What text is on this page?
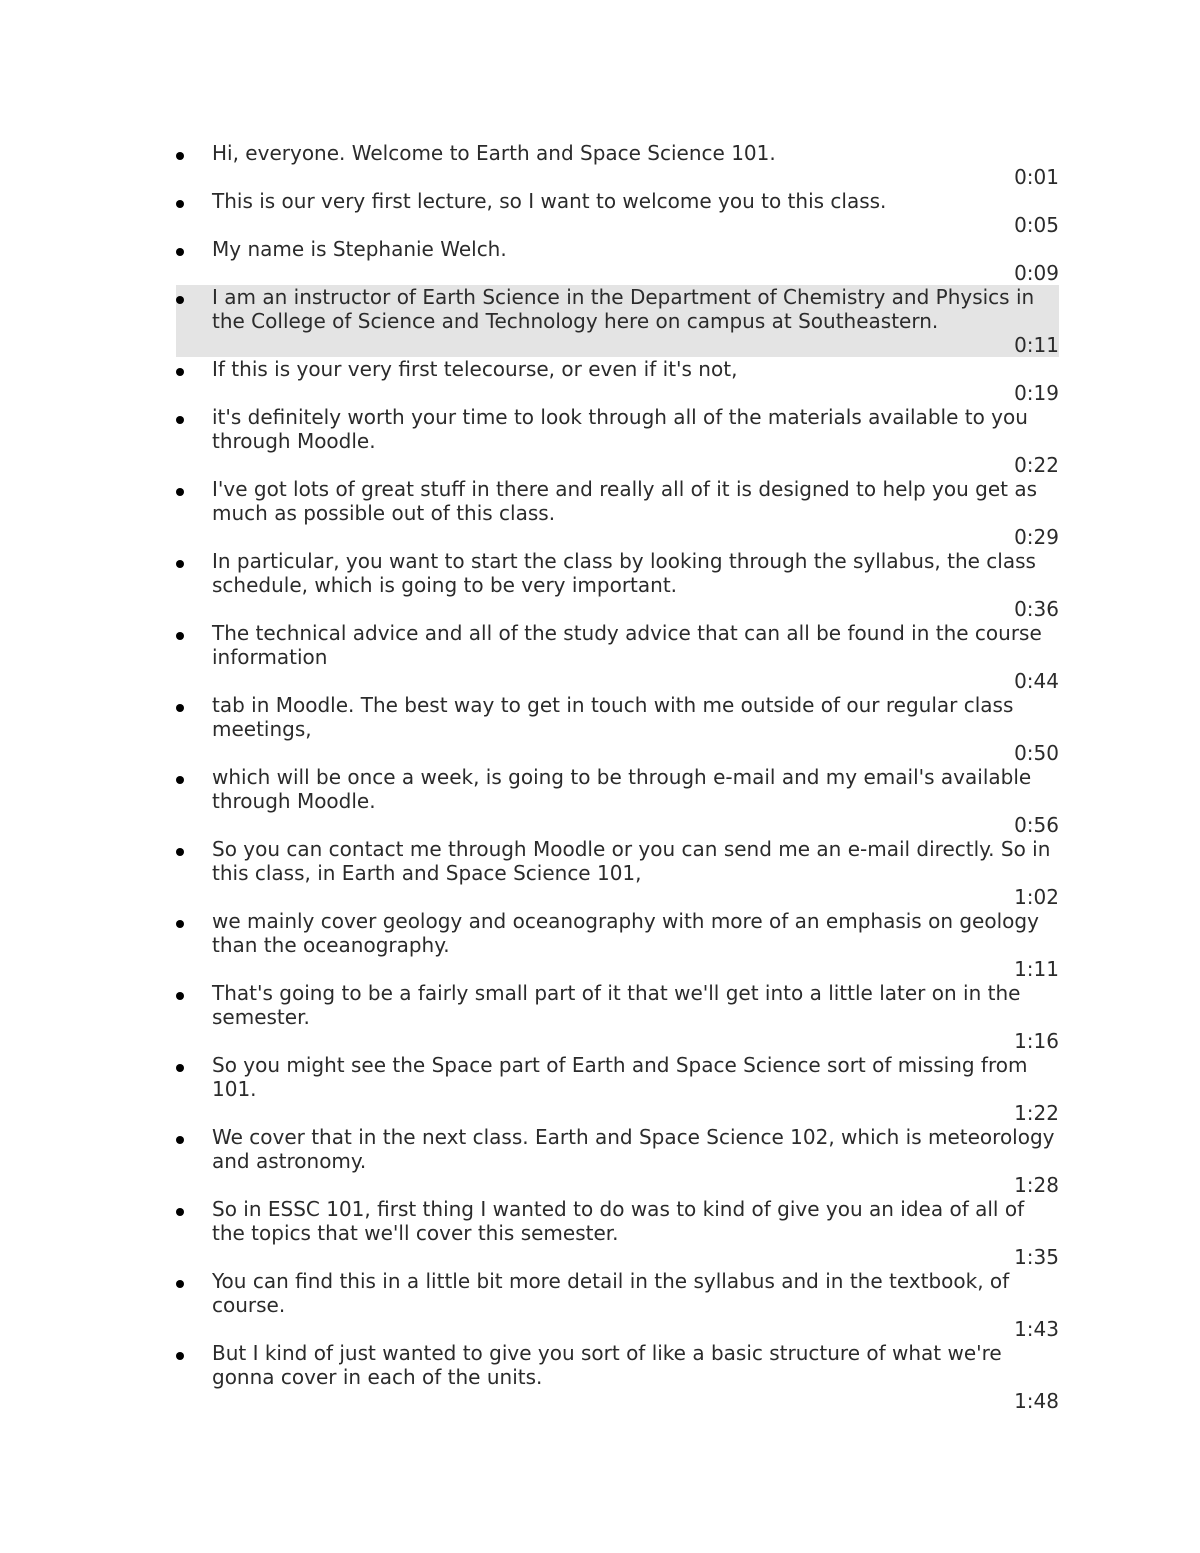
Hi, everyone. Welcome to Earth and Space Science 101.
0:01
This is our very first lecture, so I want to welcome you to this class.
0:05
My name is Stephanie Welch.
0:09
I am an instructor of Earth Science in the Department of Chemistry and Physics in the College of Science and Technology here on campus at Southeastern.
0:11
If this is your very first telecourse, or even if it's not,
0:19
it's definitely worth your time to look through all of the materials available to you through Moodle.
0:22
I've got lots of great stuff in there and really all of it is designed to help you get as much as possible out of this class.
0:29
In particular, you want to start the class by looking through the syllabus, the class schedule, which is going to be very important.
0:36
The technical advice and all of the study advice that can all be found in the course information
0:44
tab in Moodle. The best way to get in touch with me outside of our regular class meetings,
0:50
which will be once a week, is going to be through e-mail and my email's available through Moodle.
0:56
So you can contact me through Moodle or you can send me an e-mail directly. So in this class, in Earth and Space Science 101,
1:02
we mainly cover geology and oceanography with more of an emphasis on geology than the oceanography.
1:11
That's going to be a fairly small part of it that we'll get into a little later on in the semester.
1:16
So you might see the Space part of Earth and Space Science sort of missing from 101.
1:22
We cover that in the next class. Earth and Space Science 102, which is meteorology and astronomy.
1:28
So in ESSC 101, first thing I wanted to do was to kind of give you an idea of all of the topics that we'll cover this semester.
1:35
You can find this in a little bit more detail in the syllabus and in the textbook, of course.
1:43
But I kind of just wanted to give you sort of like a basic structure of what we're gonna cover in each of the units.
1:48
